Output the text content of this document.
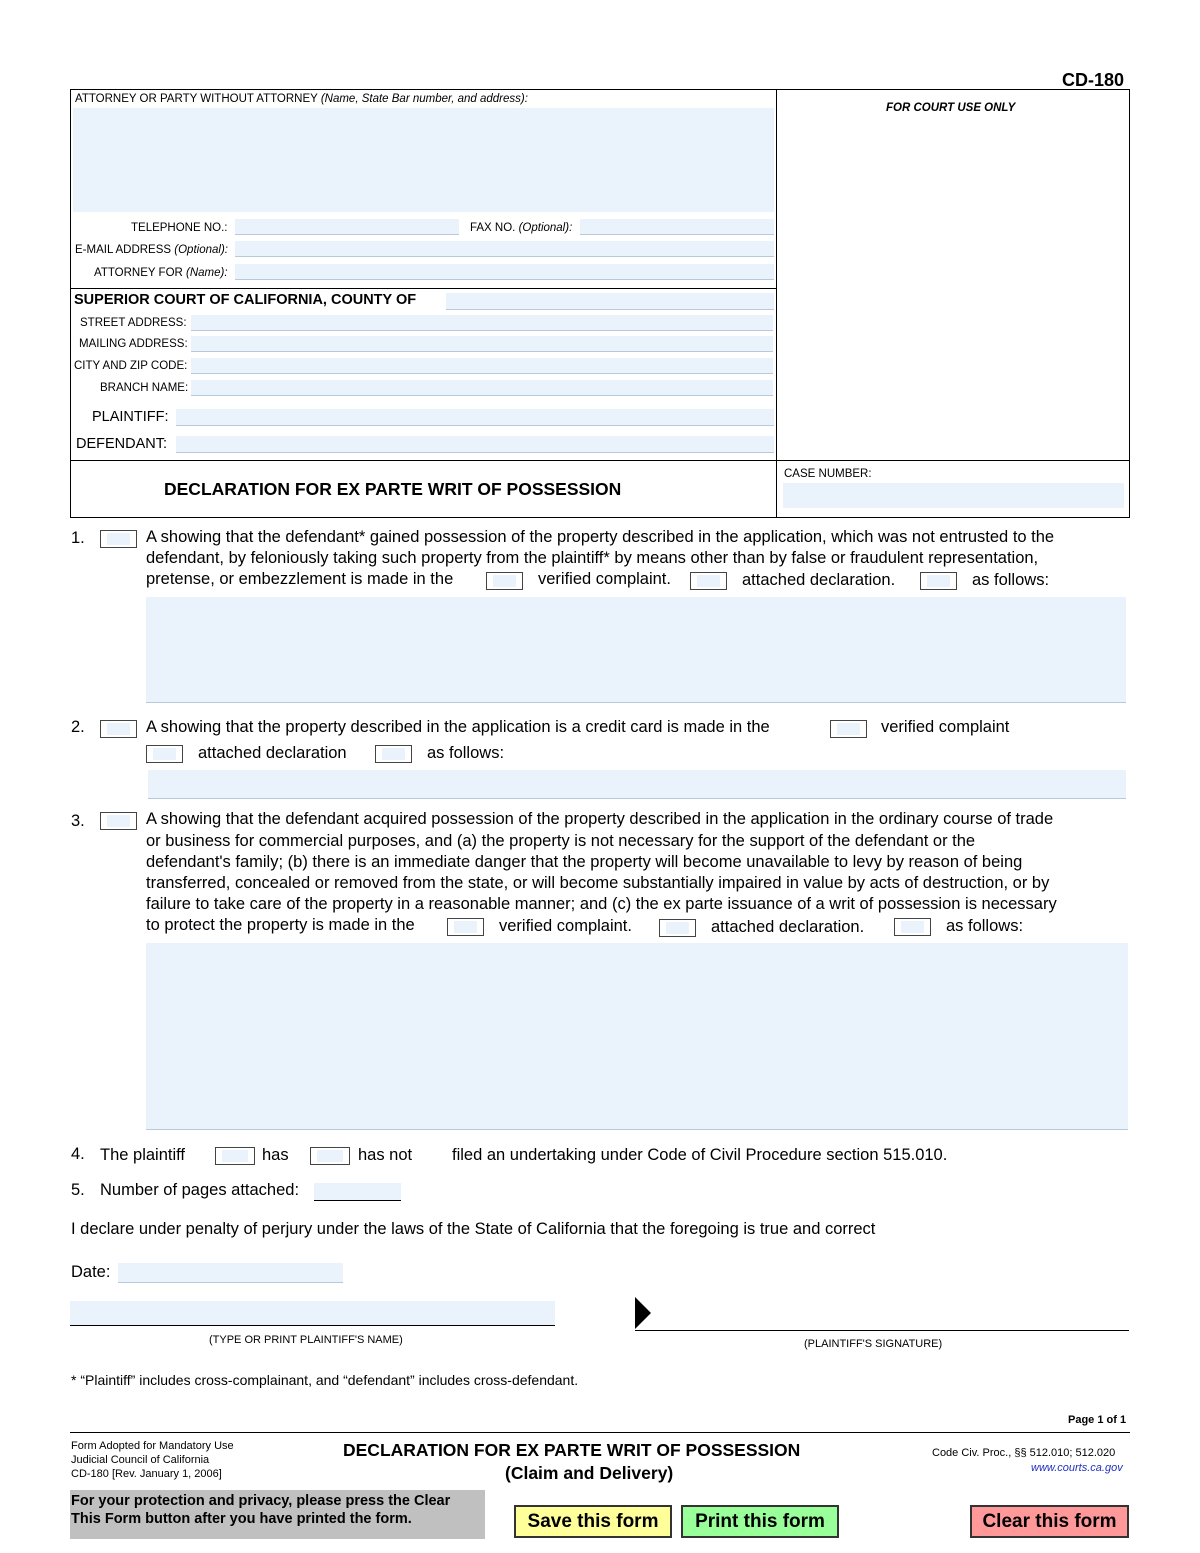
CD-180
ATTORNEY OR PARTY WITHOUT ATTORNEY (Name, State Bar number, and address):
FOR COURT USE ONLY
TELEPHONE NO.:	FAX NO. (Optional):
E-MAIL ADDRESS (Optional):
ATTORNEY FOR (Name):
SUPERIOR COURT OF CALIFORNIA, COUNTY OF
STREET ADDRESS:
MAILING ADDRESS:
CITY AND ZIP CODE:
BRANCH NAME:
PLAINTIFF:
DEFENDANT:
DECLARATION FOR EX PARTE WRIT OF POSSESSION
CASE NUMBER:
1.	A showing that the defendant* gained possession of the property described in the application, which was not entrusted to the
defendant, by feloniously taking such property from the plaintiff* by means other than by false or fraudulent representation,
pretense, or embezzlement is made in the	verified complaint.	attached declaration.	as follows:
2.	A showing that the property described in the application is a credit card is made in the	verified complaint
attached declaration	as follows:
3.	A showing that the defendant acquired possession of the property described in the application in the ordinary course of trade
or business for commercial purposes, and (a) the property is not necessary for the support of the defendant or the
defendant's family; (b) there is an immediate danger that the property will become unavailable to levy by reason of being
transferred, concealed or removed from the state, or will become substantially impaired in value by acts of destruction, or by
failure to take care of the property in a reasonable manner; and (c) the ex parte issuance of a writ of possession is necessary
to protect the property is made in the	verified complaint.	attached declaration.	as follows:
4. The plaintiff	has	has not filed an undertaking under Code of Civil Procedure section 515.010.
5. Number of pages attached:
I declare under penalty of perjury under the laws of the State of California that the foregoing is true and correct
Date:
(TYPE OR PRINT PLAINTIFF'S NAME)	(PLAINTIFF'S SIGNATURE)
* “Plaintiff” includes cross-complainant, and “defendant” includes cross-defendant.
Page 1 of 1
Form Adopted for Mandatory Use
Judicial Council of California
CD-180 [Rev. January 1, 2006]
DECLARATION FOR EX PARTE WRIT OF POSSESSION
(Claim and Delivery)
Code Civ. Proc., §§ 512.010; 512.020
www.courts.ca.gov
For your protection and privacy, please press the Clear
This Form button after you have printed the form.	Save this form	Print this form	Clear this form
